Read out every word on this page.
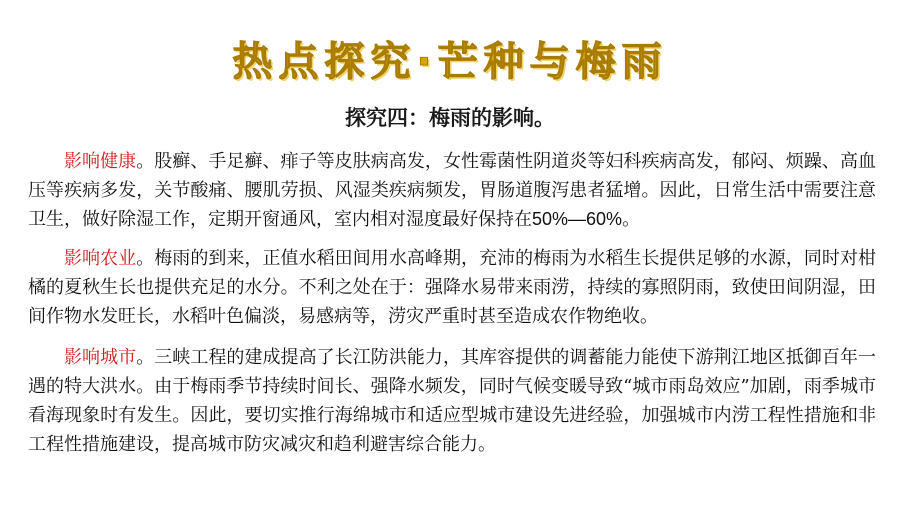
热点探究·芒种与梅雨
探究四：梅雨的影响。

影响健康。股癣、手足癣、痱子等皮肤病高发，女性霉菌性阴道炎等妇科疾病高发，郁闷、烦躁、高血压等疾病多发，关节酸痛、腰肌劳损、风湿类疾病频发，胃肠道腹泻患者猛增。因此，日常生活中需要注意卫生，做好除湿工作，定期开窗通风，室内相对湿度最好保持在50%—60%。

影响农业。梅雨的到来，正值水稻田间用水高峰期，充沛的梅雨为水稻生长提供足够的水源，同时对柑橘的夏秋生长也提供充足的水分。不利之处在于：强降水易带来雨涝，持续的寡照阴雨，致使田间阴湿，田间作物水发旺长，水稻叶色偏淡，易感病等，涝灾严重时甚至造成农作物绝收。

影响城市。三峡工程的建成提高了长江防洪能力，其库容提供的调蓄能力能使下游荆江地区抵御百年一遇的特大洪水。由于梅雨季节持续时间长、强降水频发，同时气候变暖导致“城市雨岛效应”加剧，雨季城市看海现象时有发生。因此，要切实推行海绵城市和适应型城市建设先进经验，加强城市内涝工程性措施和非工程性措施建设，提高城市防灾减灾和趋利避害综合能力。
